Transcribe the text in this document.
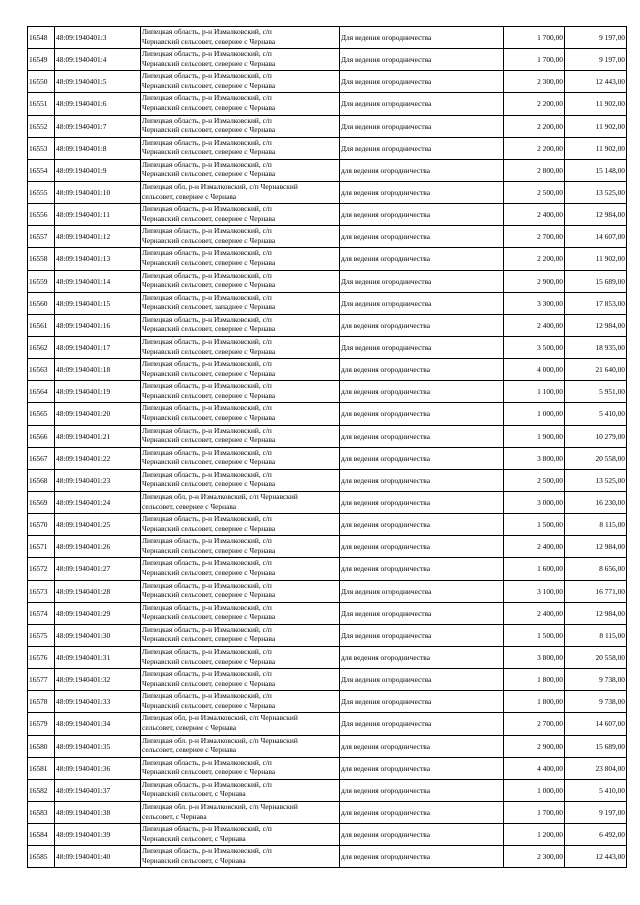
16548	48:09:1940401:3	Липецкая область, р-н Измалковский, с/п
Чернавский сельсовет, севернее с Чернава	Для ведения огородничества	1 700,00	9 197,00
16549	48:09:1940401:4	Липецкая область, р-н Измалковский, с/п
Чернавский сельсовет, севернее с Чернава	Для ведения огородничества	1 700,00	9 197,00
16550	48:09:1940401:5	Липецкая область, р-н Измалковский, с/п
Чернавский сельсовет, севернее с Чернава	Для ведения огородничества	2 300,00	12 443,00
16551	48:09:1940401:6	Липецкая область, р-н Измалковский, с/п
Чернавский сельсовет, севернее с Чернава	Для ведения огородничества	2 200,00	11 902,00
16552	48:09:1940401:7	Липецкая область, р-н Измалковский, с/п
Чернавский сельсовет, севернее с Чернава	Для ведения огородничества	2 200,00	11 902,00
16553	48:09:1940401:8	Липецкая область, р-н Измалковский, с/п
Чернавский сельсовет, севернее с Чернава	Для ведения огородничества	2 200,00	11 902,00
16554	48:09:1940401:9	Липецкая область, р-н Измалковский, с/п
Чернавский сельсовет, севернее с Чернава	для ведения огородничества	2 800,00	15 148,00
16555	48:09:1940401:10	Липецкая обл, р-н Измалковский, с/п Чернавский
сельсовет, севернее с Чернава	для ведения огородничества	2 500,00	13 525,00
16556	48:09:1940401:11	Липецкая область, р-н Измалковский, с/п
Чернавский сельсовет, севернее с Чернава	для ведения огородничества	2 400,00	12 984,00
16557	48:09:1940401:12	Липецкая область, р-н Измалковский, с/п
Чернавский сельсовет, севернее с Чернава	для ведения огородничества	2 700,00	14 607,00
16558	48:09:1940401:13	Липецкая область, р-н Измалковский, с/п
Чернавский сельсовет, севернее с Чернава	для ведения огородничества	2 200,00	11 902,00
16559	48:09:1940401:14	Липецкая область, р-н Измалковский, с/п
Чернавский сельсовет, севернее с Чернава	Для ведения огородничества	2 900,00	15 689,00
16560	48:09:1940401:15	Липецкая область, р-н Измалковский, с/п
Чернавский сельсовет, западнее с Чернава	Для ведения огородничества	3 300,00	17 853,00
16561	48:09:1940401:16	Липецкая область, р-н Измалковский, с/п
Чернавский сельсовет, севернее с Чернава	для ведения огородничества	2 400,00	12 984,00
16562	48:09:1940401:17	Липецкая область, р-н Измалковский, с/п
Чернавский сельсовет, севернее с Чернава	Для ведения огородничества	3 500,00	18 935,00
16563	48:09:1940401:18	Липецкая область, р-н Измалковский, с/п
Чернавский сельсовет, севернее с Чернава	для ведения огородничества	4 000,00	21 640,00
16564	48:09:1940401:19	Липецкая область, р-н Измалковский, с/п
Чернавский сельсовет, севернее с Чернава	для ведения огородничества	1 100,00	5 951,00
16565	48:09:1940401:20	Липецкая область, р-н Измалковский, с/п
Чернавский сельсовет, севернее с Чернава	для ведения огородничества	1 000,00	5 410,00
16566	48:09:1940401:21	Липецкая область, р-н Измалковский, с/п
Чернавский сельсовет, севернее с Чернава	для ведения огородничества	1 900,00	10 279,00
16567	48:09:1940401:22	Липецкая область, р-н Измалковский, с/п
Чернавский сельсовет, севернее с Чернава	для ведения огородничества	3 800,00	20 558,00
16568	48:09:1940401:23	Липецкая область, р-н Измалковский, с/п
Чернавский сельсовет, севернее с Чернава	для ведения огородничества	2 500,00	13 525,00
16569	48:09:1940401:24	Липецкая обл, р-н Измалковский, с/п Чернавский
сельсовет, севернее с Чернава	для ведения огородничества	3 000,00	16 230,00
16570	48:09:1940401:25	Липецкая область, р-н Измалковский, с/п
Чернавский сельсовет, севернее с Чернава	для ведения огородничества	1 500,00	8 115,00
16571	48:09:1940401:26	Липецкая область, р-н Измалковский, с/п
Чернавский сельсовет, севернее с Чернава	для ведения огородничества	2 400,00	12 984,00
16572	48:09:1940401:27	Липецкая область, р-н Измалковский, с/п
Чернавский сельсовет, севернее с Чернава	для ведения огородничества	1 600,00	8 656,00
16573	48:09:1940401:28	Липецкая область, р-н Измалковский, с/п
Чернавский сельсовет, севернее с Чернава	Для ведения огородничества	3 100,00	16 771,00
16574	48:09:1940401:29	Липецкая область, р-н Измалковский, с/п
Чернавский сельсовет, севернее с Чернава	Для ведения огородничества	2 400,00	12 984,00
16575	48:09:1940401:30	Липецкая область, р-н Измалковский, с/п
Чернавский сельсовет, севернее с Чернава	Для ведения огородничества	1 500,00	8 115,00
16576	48:09:1940401:31	Липецкая область, р-н Измалковский, с/п
Чернавский сельсовет, севернее с Чернава	для ведения огородничества	3 800,00	20 558,00
16577	48:09:1940401:32	Липецкая область, р-н Измалковский, с/п
Чернавский сельсовет, севернее с Чернава	Для ведения огородничества	1 800,00	9 738,00
16578	48:09:1940401:33	Липецкая область, р-н Измалковский, с/п
Чернавский сельсовет, севернее с Чернава	Для ведения огородничества	1 800,00	9 738,00
16579	48:09:1940401:34	Липецкая обл, р-н Измалковский, с/п Чернавский
сельсовет, севернее с Чернава	Для ведения огородничества	2 700,00	14 607,00
16580	48:09:1940401:35	Липецкая обл. р-н Измалковский, с/п Чернавский
сельсовет, севернее с Чернава	для ведения огородничества	2 900,00	15 689,00
16581	48:09:1940401:36	Липецкая область, р-н Измалковский, с/п
Чернавский сельсовет, севернее с Чернава	для ведения огородничества	4 400,00	23 804,00
16582	48:09:1940401:37	Липецкая область, р-н Измалковский, с/п
Чернавский сельсовет, с Чернава	для ведения огородничества	1 000,00	5 410,00
16583	48:09:1940401:38	Липецкая обл. р-н Измалковский, с/п Чернавский
сельсовет, с Чернава	для ведения огородничества	1 700,00	9 197,00
16584	48:09:1940401:39	Липецкая область, р-н Измалковский, с/п
Чернавский сельсовет, с Чернава	для ведения огородничества	1 200,00	6 492,00
16585	48:09:1940401:40	Липецкая область, р-н Измалковский, с/п
Чернавский сельсовет, с Чернава	для ведения огородничества	2 300,00	12 443,00
